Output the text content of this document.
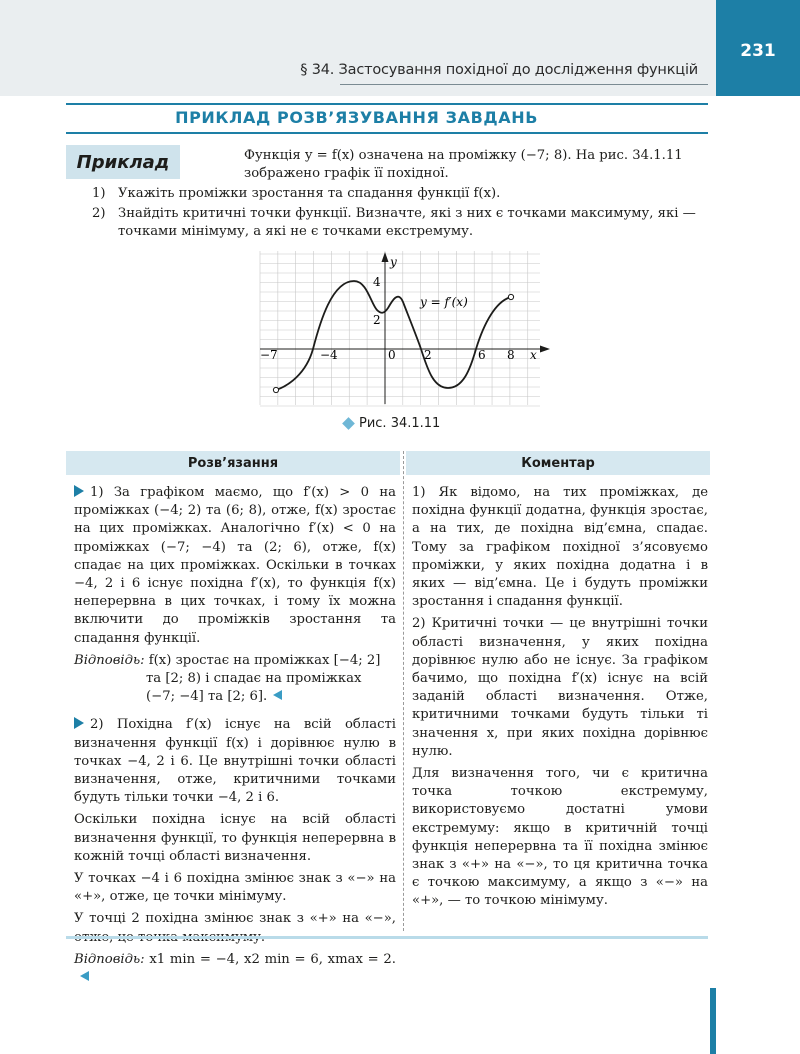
231
§ 34. Застосування похідної до дослідження функцій
ПРИКЛАД РОЗВ’ЯЗУВАННЯ ЗАВДАНЬ
Приклад	Функція y = f(x) означена на проміжку (−7; 8). На рис. 34.1.11
зображено графік її похідної.
1) Укажіть проміжки зростання та спадання функції f(x).
2) Знайдіть критичні точки функції. Визначте, які з них є точками максимуму, які — точками мінімуму, а які не є точками екстремуму.
−7	−4	0 2	6 8
4
2
y
x
y = f′(x)
Рис. 34.1.11
Розв’язання	Коментар

1) За графіком маємо, що f′(x) > 0 на проміжках (−4; 2) та (6; 8), отже, f(x) зростає на цих проміжках. Аналогічно f′(x) < 0 на проміжках (−7; −4) та (2; 6), отже, f(x) спадає на цих проміжках. Оскільки в точках −4, 2 і 6 існує похідна f′(x), то функція f(x) неперервна в цих точках, і тому їх можна включити до проміжків зростання та спадання функції.

Відповідь: f(x) зростає на проміжках [−4; 2]
та [2; 8) і спадає на проміжках
(−7; −4] та [2; 6].

2) Похідна f′(x) існує на всій області визначення функції f(x) і дорівнює нулю в точках −4, 2 і 6. Це внутрішні точки області визначення, отже, критичними точками будуть тільки точки −4, 2 і 6.

Оскільки похідна існує на всій області визначення функції, то функція неперервна в кожній точці області визначення.

У точках −4 і 6 похідна змінює знак з «−» на «+», отже, це точки мінімуму.

У точці 2 похідна змінює знак з «+» на «−»,

Відповідь: x1 min = −4, x2 min = 6, xmax = 2.

1) Як відомо, на тих проміжках, де похідна функції додатна, функція зростає, а на тих, де похідна від’ємна, спадає. Тому за графіком похідної з’ясовуємо проміжки, у яких похідна додатна і в яких — від’ємна. Це і будуть проміжки зростання і спадання функції.

2) Критичні точки — це внутрішні точки області визначення, у яких похідна дорівнює нулю або не існує. За графіком бачимо, що похідна f′(x) існує на всій заданій області визначення. Отже, критичними точками будуть тільки ті значення x, при яких похідна дорівнює нулю.

Для визначення того, чи є критична точка точкою екстремуму, використовуємо достатні умови екстремуму: якщо в критичній точці функція неперервна та її похідна змінює знак з «+» на «−», то ця критична точка є точкою максимуму, а якщо з «−» на «+», — то точкою мінімуму.
